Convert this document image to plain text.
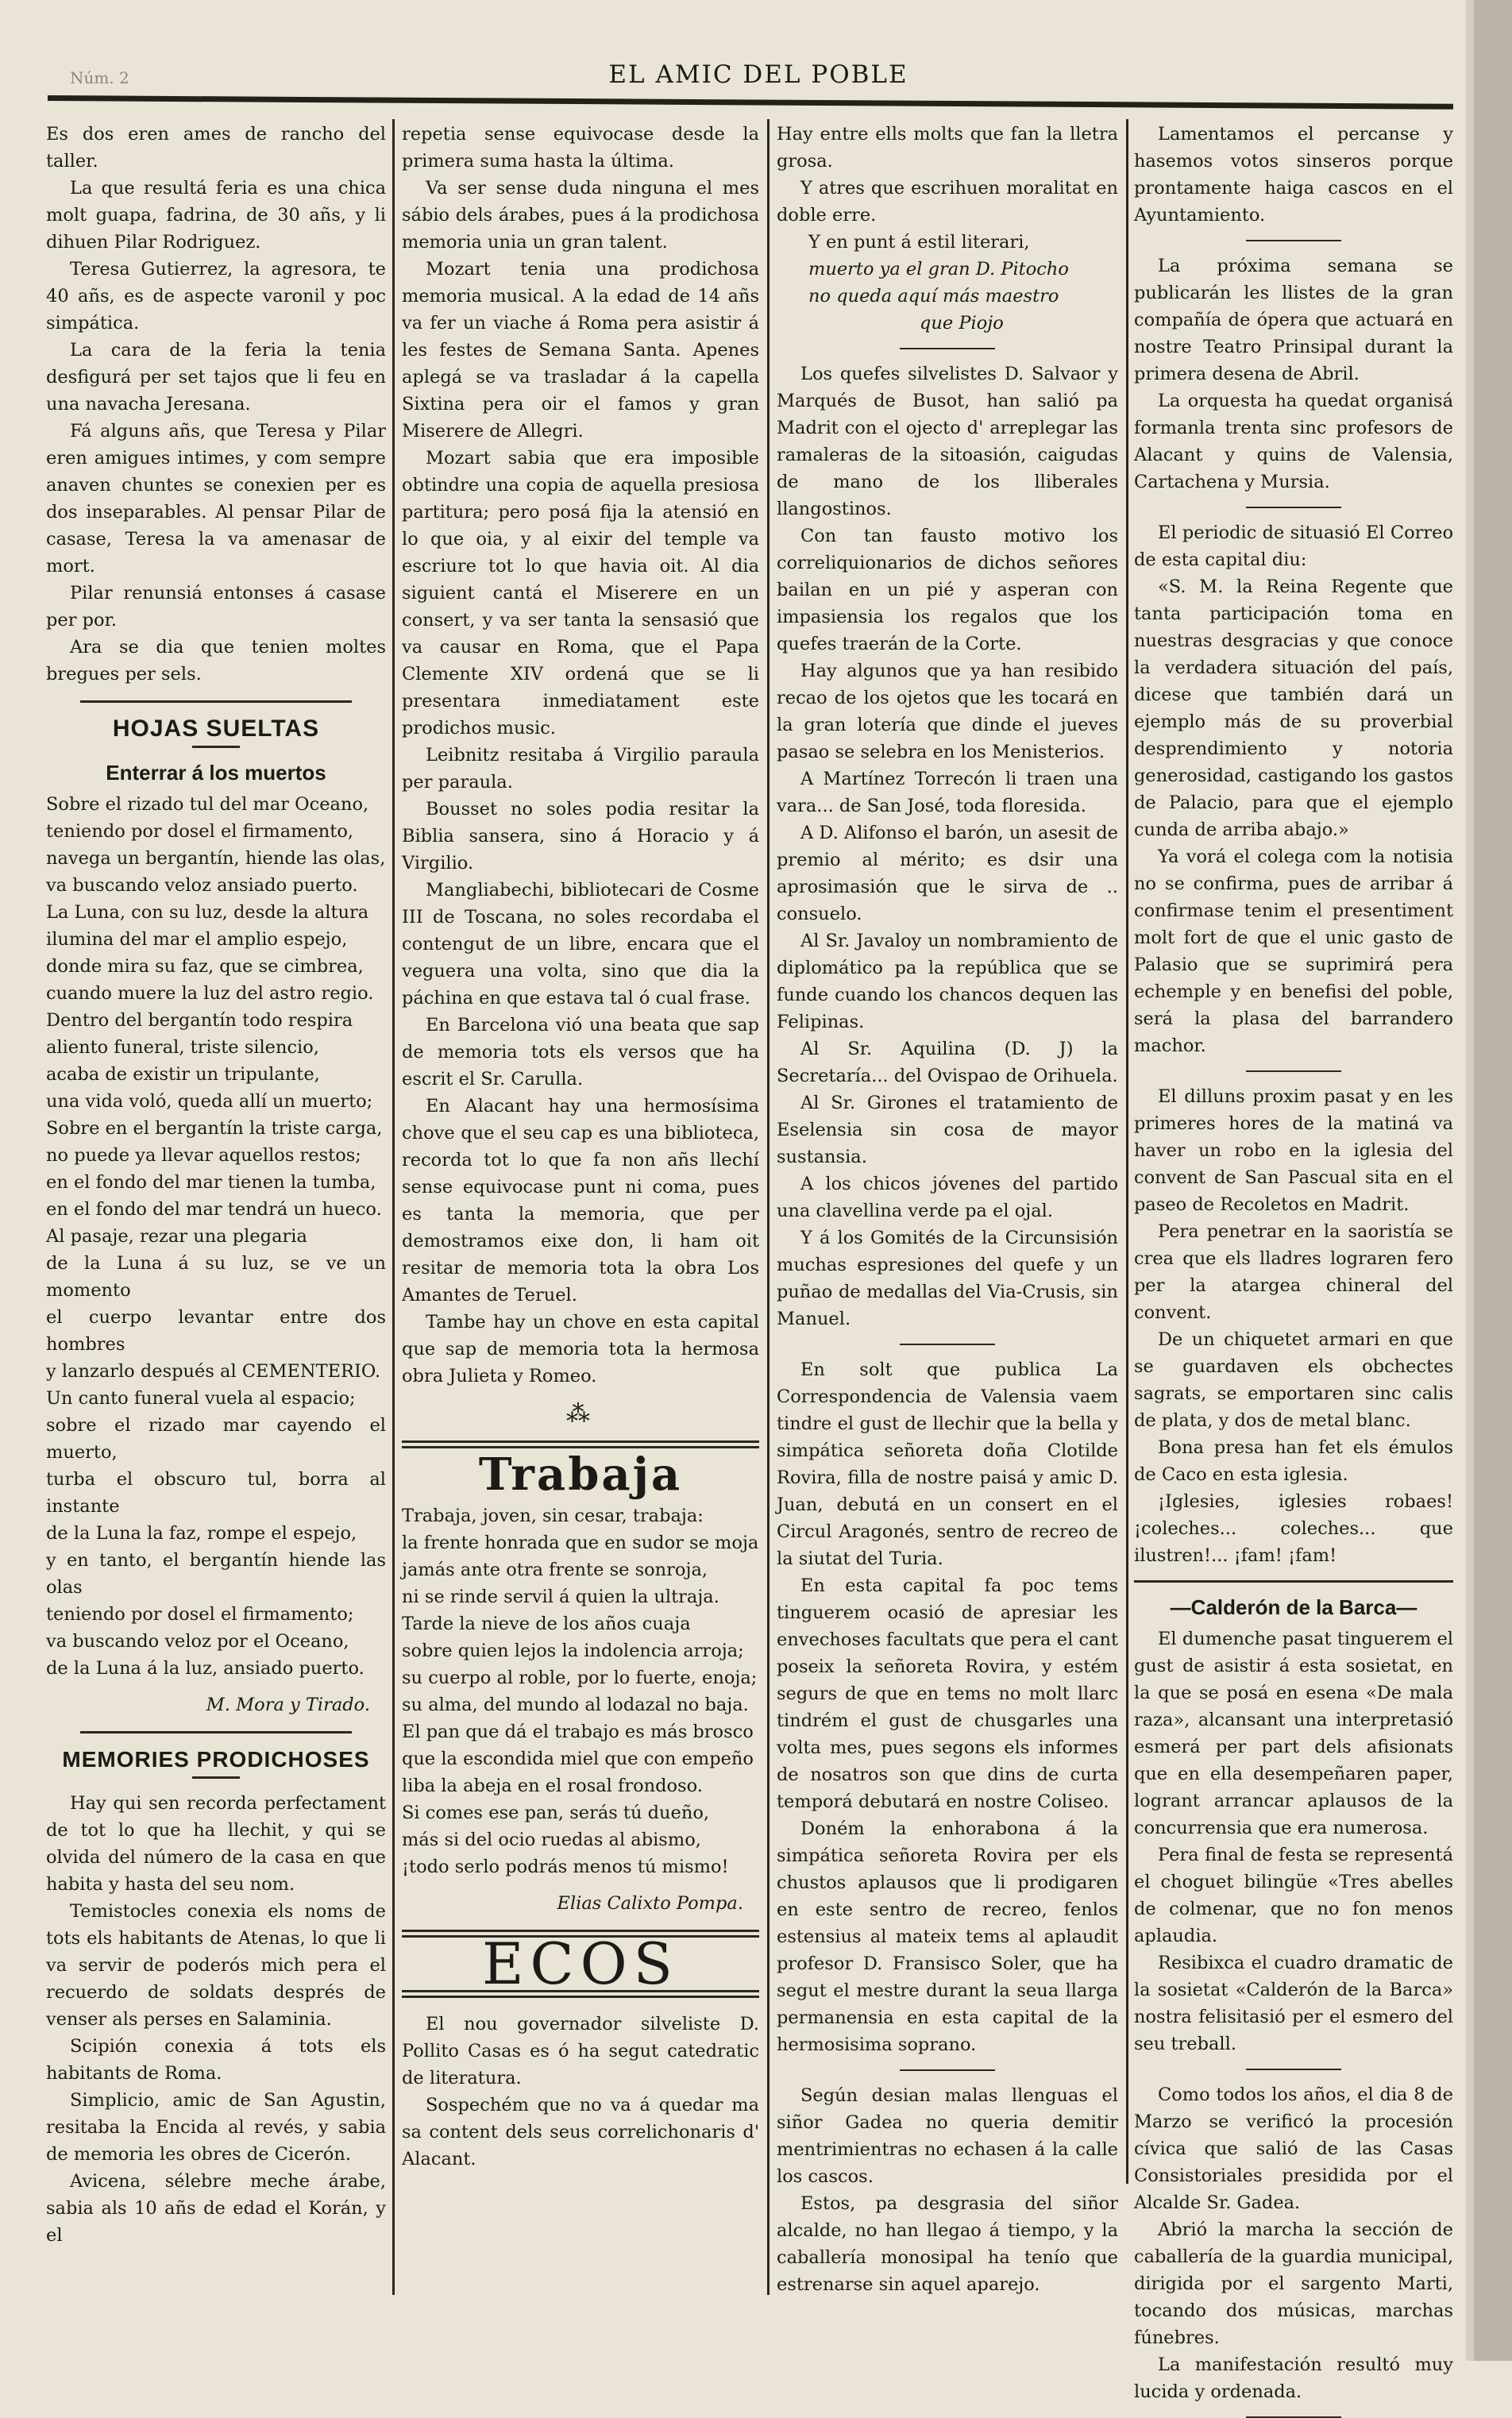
Núm. 2	EL AMIC DEL POBLE

Es dos eren ames de rancho del taller.

La que resultá feria es una chica molt guapa, fadrina, de 30 añs, y li dihuen Pilar Rodriguez.

Teresa Gutierrez, la agresora, te 40 añs, es de aspecte varonil y poc simpática.

La cara de la feria la tenia desfigurá per set tajos que li feu en una navacha Jeresana.

Fá alguns añs, que Teresa y Pilar eren amigues intimes, y com sempre anaven chuntes se conexien per es dos inseparables. Al pensar Pilar de casase, Teresa la va amenasar de mort.

Pilar renunsiá entonses á casase per por.

Ara se dia que tenien moltes bregues per sels.

HOJAS SUELTAS
Enterrar á los muertos

Sobre el rizado tul del mar Oceano,

teniendo por dosel el firmamento,

navega un bergantín, hiende las olas,

va buscando veloz ansiado puerto.

La Luna, con su luz, desde la altura

ilumina del mar el amplio espejo,

donde mira su faz, que se cimbrea,

cuando muere la luz del astro regio.

Dentro del bergantín todo respira

aliento funeral, triste silencio,

acaba de existir un tripulante,

una vida voló, queda allí un muerto;

Sobre en el bergantín la triste carga,

no puede ya llevar aquellos restos;

en el fondo del mar tienen la tumba,

en el fondo del mar tendrá un hueco.

Al pasaje, rezar una plegaria

de la Luna á su luz, se ve un momento

el cuerpo levantar entre dos hombres

y lanzarlo después al CEMENTERIO.

Un canto funeral vuela al espacio;

sobre el rizado mar cayendo el muerto,

turba el obscuro tul, borra al instante

de la Luna la faz, rompe el espejo,

y en tanto, el bergantín hiende las olas

teniendo por dosel el firmamento;

va buscando veloz por el Oceano,

de la Luna á la luz, ansiado puerto.

M. Mora y Tirado.
MEMORIES PRODICHOSES

Hay qui sen recorda perfectament de tot lo que ha llechit, y qui se olvida del número de la casa en que habita y hasta del seu nom.

Temistocles conexia els noms de tots els habitants de Atenas, lo que li va servir de poderós mich pera el recuerdo de soldats després de venser als perses en Salaminia.

Scipión conexia á tots els habitants de Roma.

Simplicio, amic de San Agustin, resitaba la Encida al revés, y sabia de memoria les obres de Cicerón.

Avicena, sélebre meche árabe, sabia als 10 añs de edad el Korán, y el

repetia sense equivocase desde la primera suma hasta la última.

Va ser sense duda ninguna el mes sábio dels árabes, pues á la prodichosa memoria unia un gran talent.

Mozart tenia una prodichosa memoria musical. A la edad de 14 añs va fer un viache á Roma pera asistir á les festes de Semana Santa. Apenes aplegá se va trasladar á la capella Sixtina pera oir el famos y gran Miserere de Allegri.

Mozart sabia que era imposible obtindre una copia de aquella presiosa partitura; pero posá fija la atensió en lo que oia, y al eixir del temple va escriure tot lo que havia oit. Al dia siguient cantá el Miserere en un consert, y va ser tanta la sensasió que va causar en Roma, que el Papa Clemente XIV ordená que se li presentara inmediatament este prodichos music.

Leibnitz resitaba á Virgilio paraula per paraula.

Bousset no soles podia resitar la Biblia sansera, sino á Horacio y á Virgilio.

Mangliabechi, bibliotecari de Cosme III de Toscana, no soles recordaba el contengut de un libre, encara que el veguera una volta, sino que dia la páchina en que estava tal ó cual frase.

En Barcelona vió una beata que sap de memoria tots els versos que ha escrit el Sr. Carulla.

En Alacant hay una hermosísima chove que el seu cap es una biblioteca, recorda tot lo que fa non añs llechí sense equivocase punt ni coma, pues es tanta la memoria, que per demostramos eixe don, li ham oit resitar de memoria tota la obra Los Amantes de Teruel.

Tambe hay un chove en esta capital que sap de memoria tota la hermosa obra Julieta y Romeo.

⁂
Trabaja

Trabaja, joven, sin cesar, trabaja:

la frente honrada que en sudor se moja

jamás ante otra frente se sonroja,

ni se rinde servil á quien la ultraja.

Tarde la nieve de los años cuaja

sobre quien lejos la indolencia arroja;

su cuerpo al roble, por lo fuerte, enoja;

su alma, del mundo al lodazal no baja.

El pan que dá el trabajo es más brosco

que la escondida miel que con empeño

liba la abeja en el rosal frondoso.

Si comes ese pan, serás tú dueño,

más si del ocio ruedas al abismo,

¡todo serlo podrás menos tú mismo!

Elias Calixto Pompa.
ECOS

El nou governador silveliste D. Pollito Casas es ó ha segut catedratic de literatura.

Sospechém que no va á quedar ma sa content dels seus correlichonaris d' Alacant.

Hay entre ells molts que fan la lletra grosa.

Y atres que escrihuen moralitat en doble erre.

Y en punt á estil literari,

muerto ya el gran D. Pitocho

no queda aquí más maestro

que Piojo

Los quefes silvelistes D. Salvaor y Marqués de Busot, han salió pa Madrit con el ojecto d' arreplegar las ramaleras de la sitoasión, caigudas de mano de los lliberales llangostinos.

Con tan fausto motivo los correliquionarios de dichos señores bailan en un pié y asperan con impasiensia los regalos que los quefes traerán de la Corte.

Hay algunos que ya han resibido recao de los ojetos que les tocará en la gran lotería que dinde el jueves pasao se selebra en los Menisterios.

A Martínez Torrecón li traen una vara... de San José, toda floresida.

A D. Alifonso el barón, un asesit de premio al mérito; es dsir una aprosimasión que le sirva de .. consuelo.

Al Sr. Javaloy un nombramiento de diplomático pa la república que se funde cuando los chancos dequen las Felipinas.

Al Sr. Aquilina (D. J) la Secretaría... del Ovispao de Orihuela.

Al Sr. Girones el tratamiento de Eselensia sin cosa de mayor sustansia.

A los chicos jóvenes del partido una clavellina verde pa el ojal.

Y á los Gomités de la Circunsisión muchas espresiones del quefe y un puñao de medallas del Via-Crusis, sin Manuel.

En solt que publica La Correspondencia de Valensia vaem tindre el gust de llechir que la bella y simpática señoreta doña Clotilde Rovira, filla de nostre paisá y amic D. Juan, debutá en un consert en el Circul Aragonés, sentro de recreo de la siutat del Turia.

En esta capital fa poc tems tinguerem ocasió de apresiar les envechoses facultats que pera el cant poseix la señoreta Rovira, y estém segurs de que en tems no molt llarc tindrém el gust de chusgarles una volta mes, pues segons els informes de nosatros son que dins de curta temporá debutará en nostre Coliseo.

Doném la enhorabona á la simpática señoreta Rovira per els chustos aplausos que li prodigaren en este sentro de recreo, fenlos estensius al mateix tems al aplaudit profesor D. Fransisco Soler, que ha segut el mestre durant la seua llarga permanensia en esta capital de la hermosisima soprano.

Según desian malas llenguas el siñor Gadea no queria demitir mentrimientras no echasen á la calle los cascos.

Estos, pa desgrasia del siñor alcalde, no han llegao á tiempo, y la caballería monosipal ha tenío que estrenarse sin aquel aparejo.

Lamentamos el percanse y hasemos votos sinseros porque prontamente haiga cascos en el Ayuntamiento.

La próxima semana se publicarán les llistes de la gran compañía de ópera que actuará en nostre Teatro Prinsipal durant la primera desena de Abril.

La orquesta ha quedat organisá formanla trenta sinc profesors de Alacant y quins de Valensia, Cartachena y Mursia.

El periodic de situasió El Correo de esta capital diu:

«S. M. la Reina Regente que tanta participación toma en nuestras desgracias y que conoce la verdadera situación del país, dicese que también dará un ejemplo más de su proverbial desprendimiento y notoria generosidad, castigando los gastos de Palacio, para que el ejemplo cunda de arriba abajo.»

Ya vorá el colega com la notisia no se confirma, pues de arribar á confirmase tenim el presentiment molt fort de que el unic gasto de Palasio que se suprimirá pera echemple y en benefisi del poble, será la plasa del barrandero machor.

El dilluns proxim pasat y en les primeres hores de la matiná va haver un robo en la iglesia del convent de San Pascual sita en el paseo de Recoletos en Madrit.

Pera penetrar en la saoristía se crea que els lladres lograren fero per la atargea chineral del convent.

De un chiquetet armari en que se guardaven els obchectes sagrats, se emportaren sinc calis de plata, y dos de metal blanc.

Bona presa han fet els émulos de Caco en esta iglesia.

¡Iglesies, iglesies robaes! ¡coleches... coleches... que ilustren!... ¡fam! ¡fam!

—Calderón de la Barca—

El dumenche pasat tinguerem el gust de asistir á esta sosietat, en la que se posá en esena «De mala raza», alcansant una interpretasió esmerá per part dels afisionats que en ella desempeñaren paper, logrant arrancar aplausos de la concurrensia que era numerosa.

Pera final de festa se representá el choguet bilingüe «Tres abelles de colmenar, que no fon menos aplaudia.

Resibixca el cuadro dramatic de la sosietat «Calderón de la Barca» nostra felisitasió per el esmero del seu treball.

Como todos los años, el dia 8 de Marzo se verificó la procesión cívica que salió de las Casas Consistoriales presidida por el Alcalde Sr. Gadea.

Abrió la marcha la sección de caballería de la guardia municipal, dirigida por el sargento Marti, tocando dos músicas, marchas fúnebres.

La manifestación resultó muy lucida y ordenada.
